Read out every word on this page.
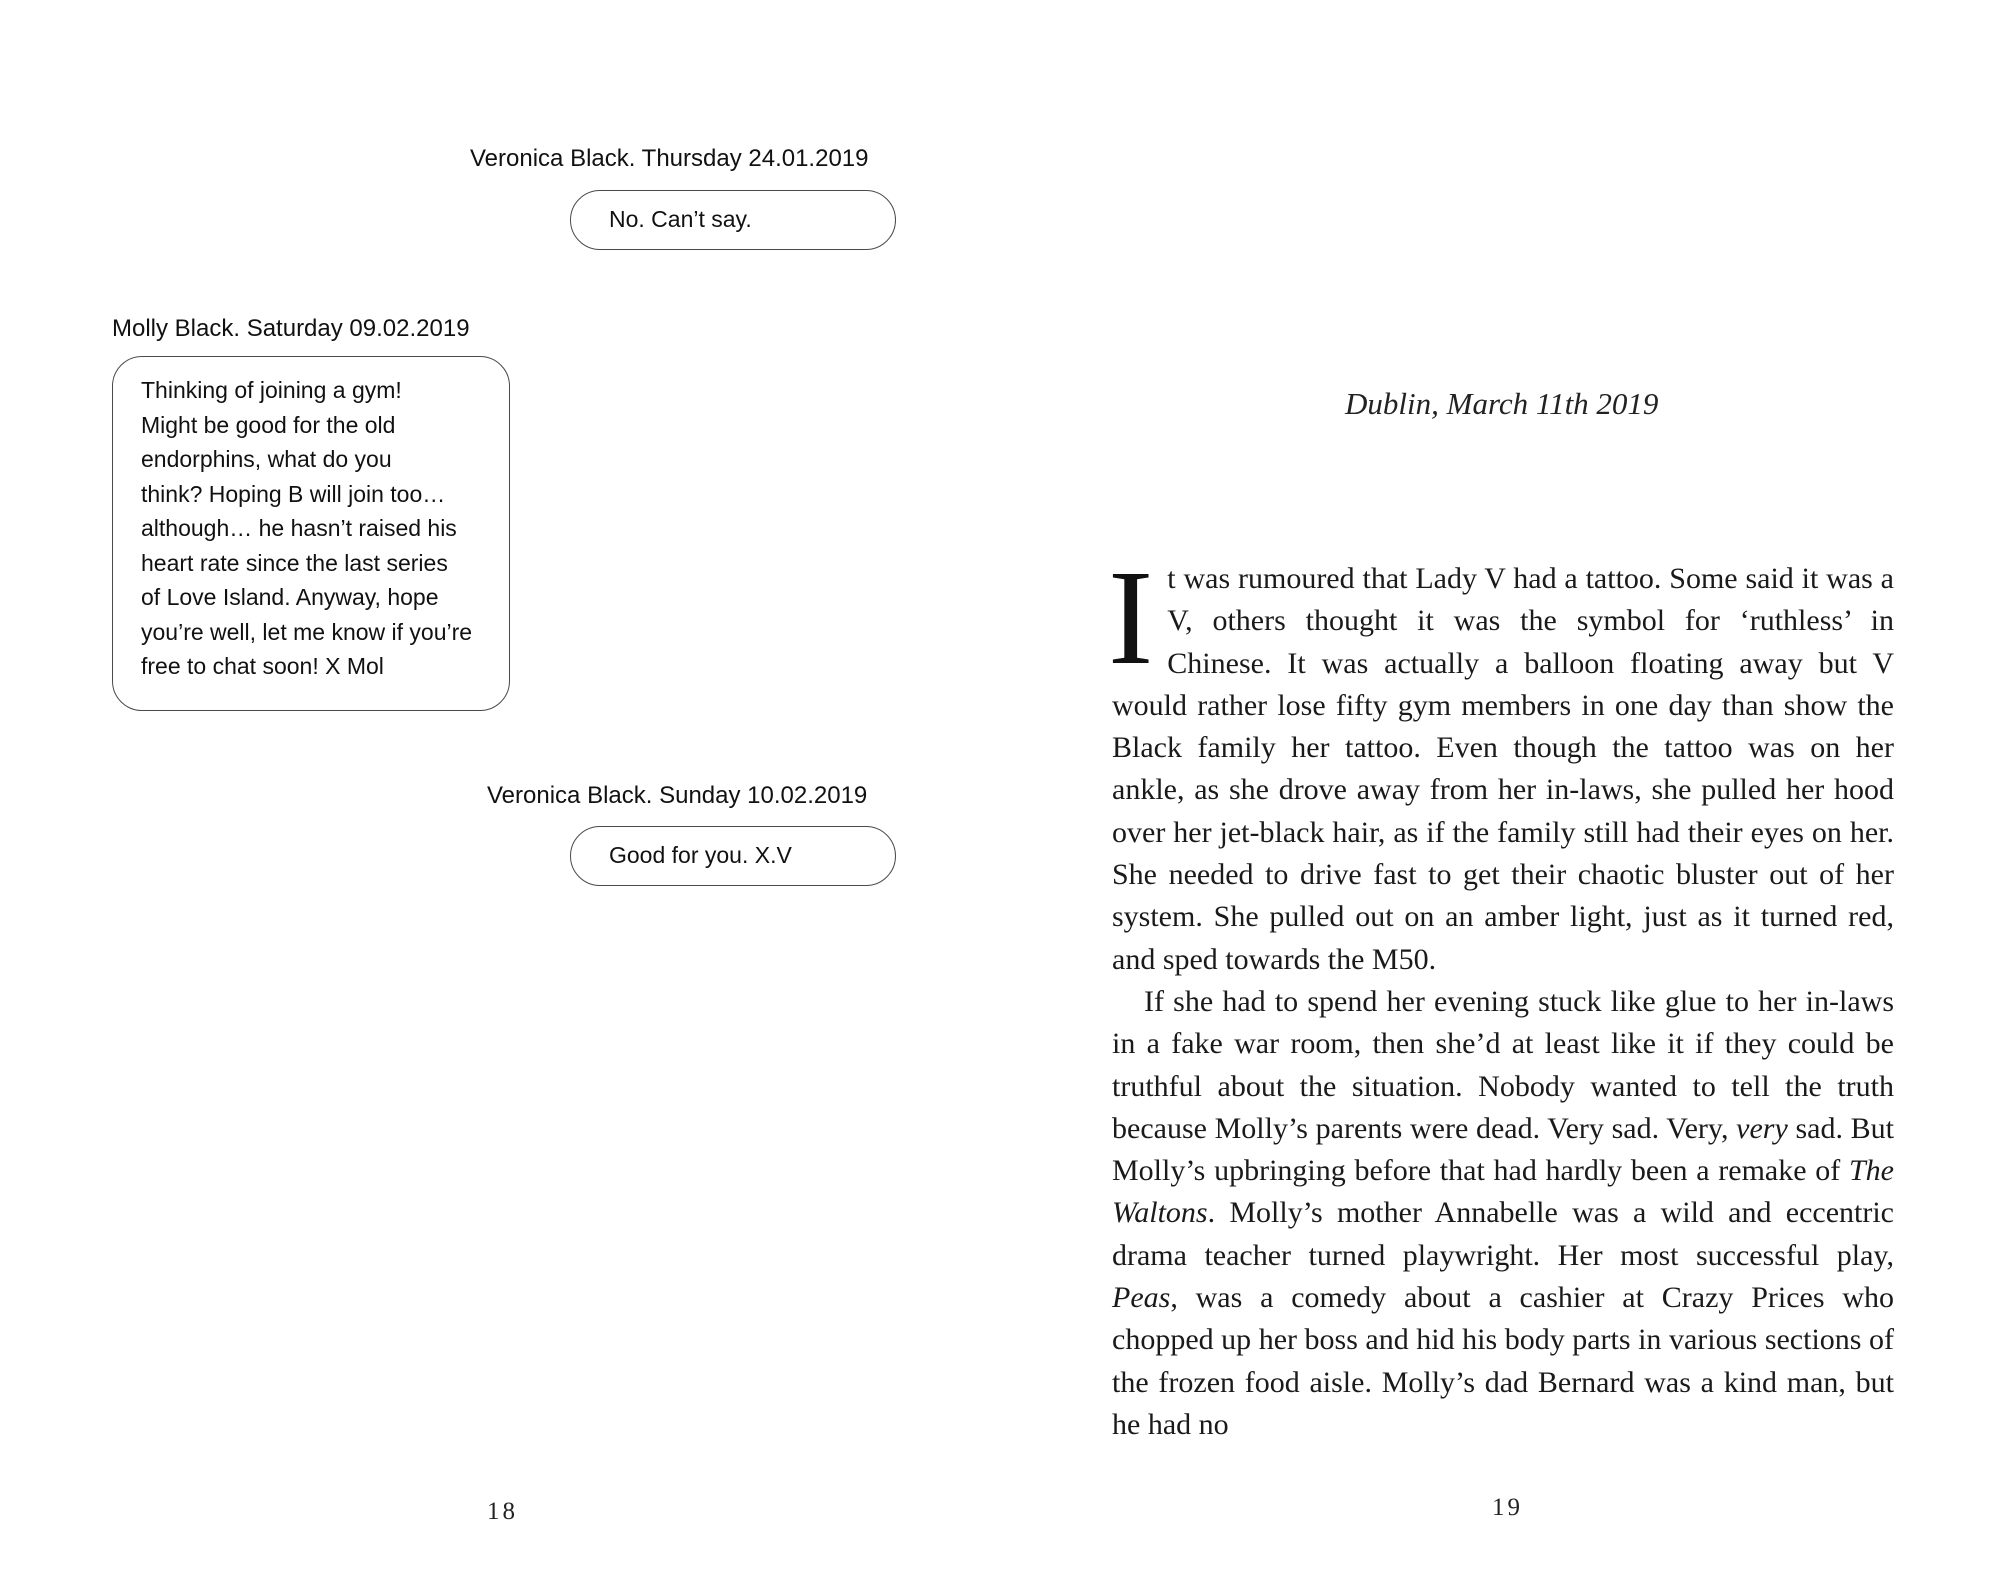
Veronica Black. Thursday 24.01.2019
No. Can’t say.
Molly Black. Saturday 09.02.2019
Thinking of joining a gym!
Might be good for the old
endorphins, what do you
think? Hoping B will join too…
although… he hasn’t raised his
heart rate since the last series
of Love Island. Anyway, hope
you’re well, let me know if you’re
free to chat soon! X Mol
Veronica Black. Sunday 10.02.2019
Good for you. X.V
18
Dublin, March 11th 2019

It was rumoured that Lady V had a tattoo. Some said it was a V, others thought it was the symbol for ‘ruthless’ in Chinese. It was actually a balloon floating away but V would rather lose fifty gym members in one day than show the Black family her tattoo. Even though the tattoo was on her ankle, as she drove away from her in-laws, she pulled her hood over her jet-black hair, as if the family still had their eyes on her. She needed to drive fast to get their chaotic bluster out of her system. She pulled out on an amber light, just as it turned red, and sped towards the M50.

If she had to spend her evening stuck like glue to her in-laws in a fake war room, then she’d at least like it if they could be truthful about the situation. Nobody wanted to tell the truth because Molly’s parents were dead. Very sad. Very, very sad. But Molly’s upbringing before that had hardly been a remake of The Waltons. Molly’s mother Annabelle was a wild and eccentric drama teacher turned playwright. Her most successful play, Peas, was a comedy about a cashier at Crazy Prices who chopped up her boss and hid his body parts in various sections of the frozen food aisle. Molly’s dad Bernard was a kind man, but he had no

19
